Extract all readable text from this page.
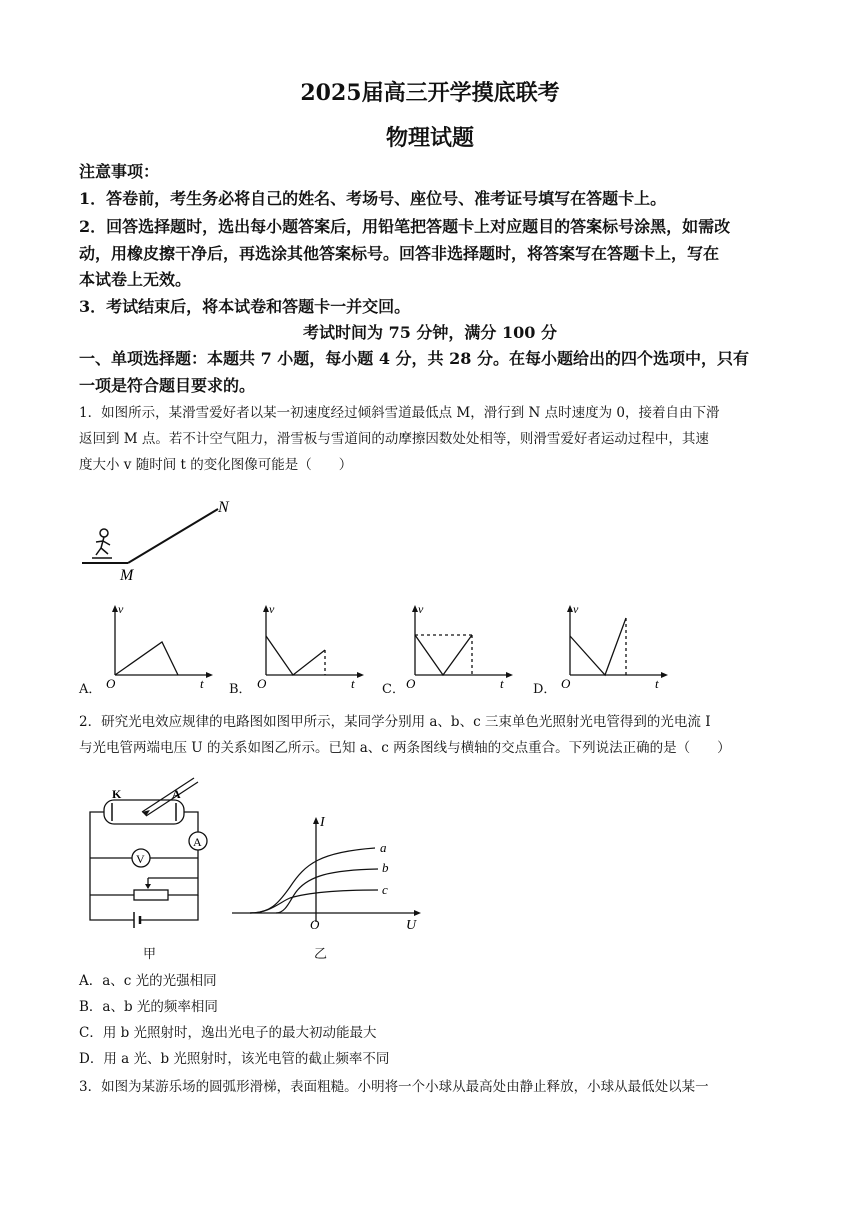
2025届高三开学摸底联考
物理试题
注意事项：
1．答卷前，考生务必将自己的姓名、考场号、座位号、准考证号填写在答题卡上。
2．回答选择题时，选出每小题答案后，用铅笔把答题卡上对应题目的答案标号涂黑，如需改
动，用橡皮擦干净后，再选涂其他答案标号。回答非选择题时，将答案写在答题卡上，写在
本试卷上无效。
3．考试结束后，将本试卷和答题卡一并交回。
考试时间为 75 分钟，满分 100 分
一、单项选择题：本题共 7 小题，每小题 4 分，共 28 分。在每小题给出的四个选项中，只有
一项是符合题目要求的。
1．如图所示，某滑雪爱好者以某一初速度经过倾斜雪道最低点 M，滑行到 N 点时速度为 0，接着自由下滑
返回到 M 点。若不计空气阻力，滑雪板与雪道间的动摩擦因数处处相等，则滑雪爱好者运动过程中，其速
度大小 v 随时间 t 的变化图像可能是（　　）
N
M
A．
v
O	t B．
v
O	t C．
v
O	t D．
v
O	t
2．研究光电效应规律的电路图如图甲所示，某同学分别用 a、b、c 三束单色光照射光电管得到的光电流 I
与光电管两端电压 U 的关系如图乙所示。已知 a、c 两条图线与横轴的交点重合。下列说法正确的是（　　）
K	A
A
V
甲
I
U
O
a
b
c
乙
A．a、c 光的光强相同
B．a、b 光的频率相同
C．用 b 光照射时，逸出光电子的最大初动能最大
D．用 a 光、b 光照射时，该光电管的截止频率不同
3．如图为某游乐场的圆弧形滑梯，表面粗糙。小明将一个小球从最高处由静止释放，小球从最低处以某一
